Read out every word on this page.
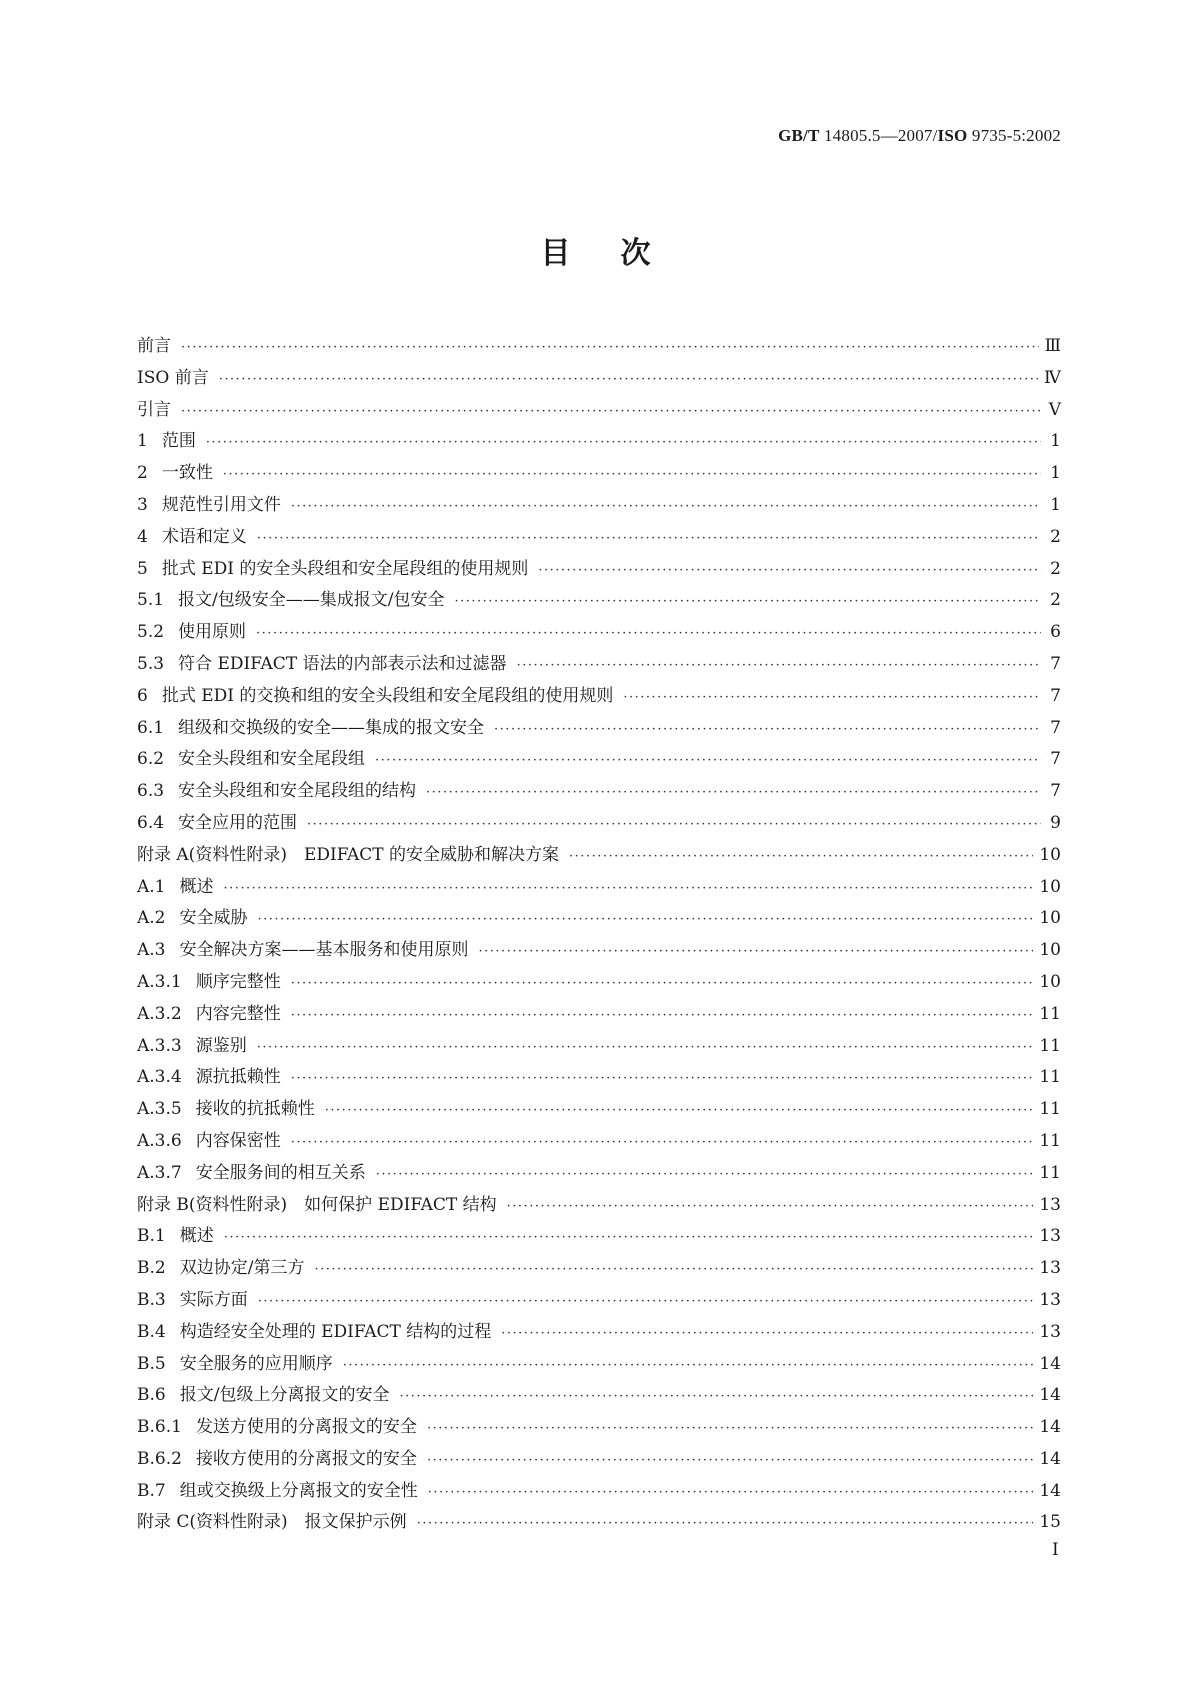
GB/T 14805.5—2007/ISO 9735-5:2002
目次
前言 ·····	Ⅲ
ISO 前言 ·····	Ⅳ
引言 ·····	Ⅴ
1 范围 ·····	1
2 一致性 ·····	1
3 规范性引用文件 ·····	1
4 术语和定义 ·····	2
5 批式 EDI 的安全头段组和安全尾段组的使用规则 ·····	2
5.1 报文/包级安全——集成报文/包安全 ·····	2
5.2 使用原则 ·····	6
5.3 符合 EDIFACT 语法的内部表示法和过滤器 ·····	7
6 批式 EDI 的交换和组的安全头段组和安全尾段组的使用规则 ·····	7
6.1 组级和交换级的安全——集成的报文安全 ·····	7
6.2 安全头段组和安全尾段组 ·····	7
6.3 安全头段组和安全尾段组的结构 ·····	7
6.4 安全应用的范围 ·····	9
附录 A(资料性附录)　EDIFACT 的安全威胁和解决方案 ·····	10
A.1 概述 ·····	10
A.2 安全威胁 ·····	10
A.3 安全解决方案——基本服务和使用原则 ·····	10
A.3.1 顺序完整性 ·····	10
A.3.2 内容完整性 ·····	11
A.3.3 源鉴别 ·····	11
A.3.4 源抗抵赖性 ·····	11
A.3.5 接收的抗抵赖性 ·····	11
A.3.6 内容保密性 ·····	11
A.3.7 安全服务间的相互关系 ·····	11
附录 B(资料性附录)　如何保护 EDIFACT 结构 ·····	13
B.1 概述 ·····	13
B.2 双边协定/第三方 ·····	13
B.3 实际方面 ·····	13
B.4 构造经安全处理的 EDIFACT 结构的过程 ·····	13
B.5 安全服务的应用顺序 ·····	14
B.6 报文/包级上分离报文的安全 ·····	14
B.6.1 发送方使用的分离报文的安全 ·····	14
B.6.2 接收方使用的分离报文的安全 ·····	14
B.7 组或交换级上分离报文的安全性 ·····	14
附录 C(资料性附录)　报文保护示例 ·····	15
I
